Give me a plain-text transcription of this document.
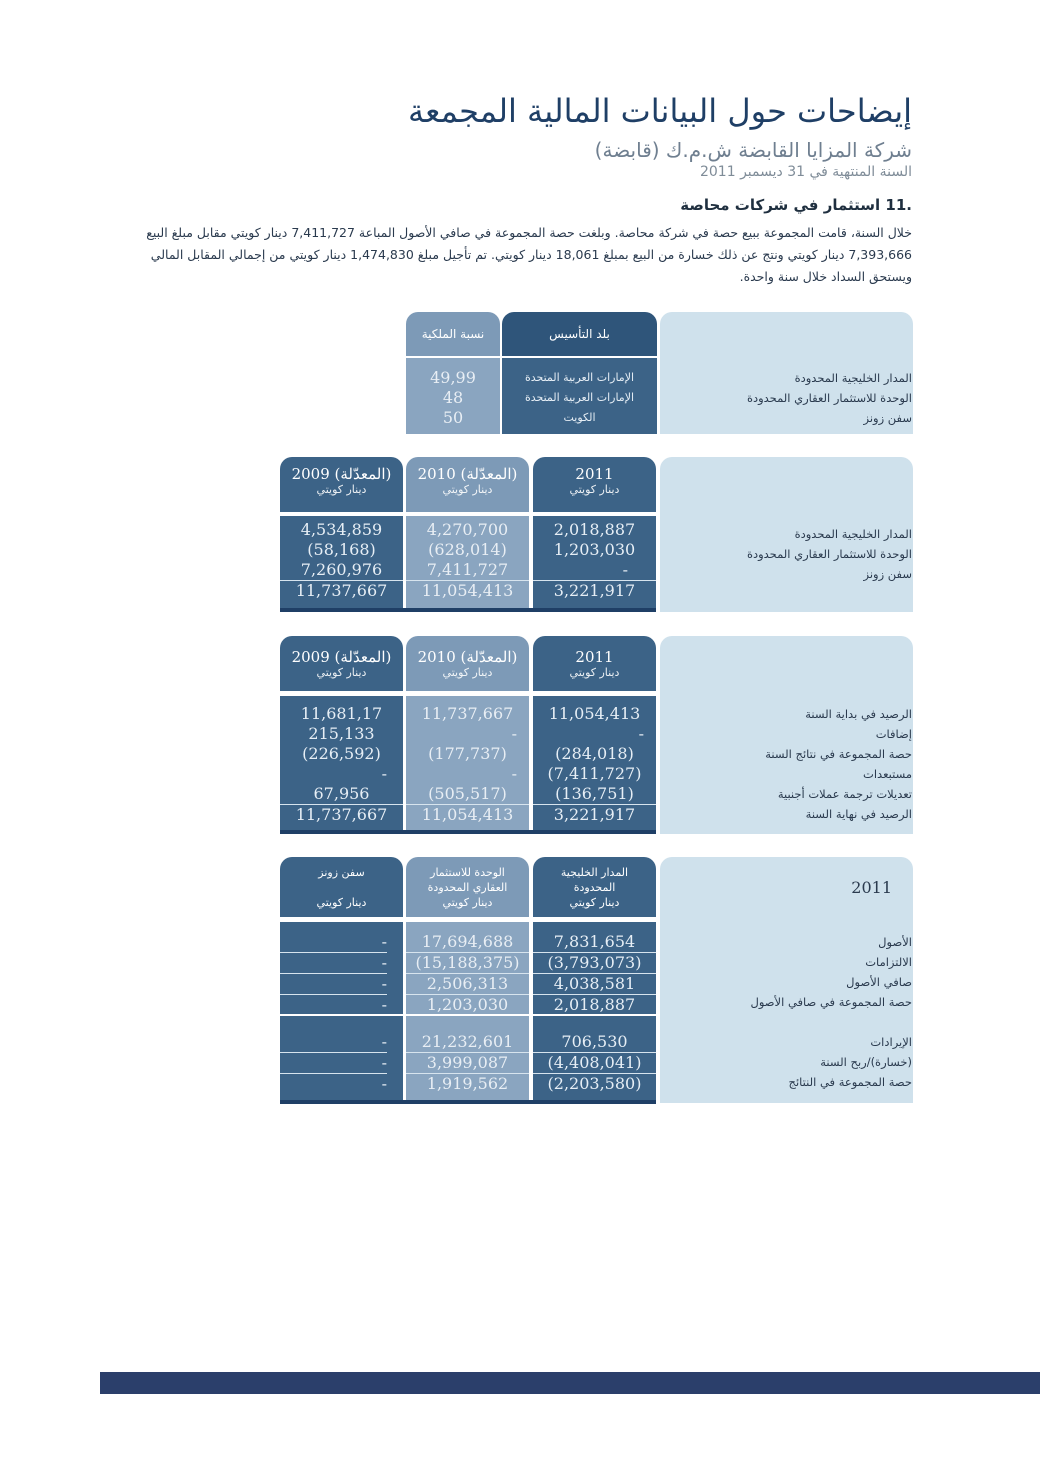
إيضاحات حول البيانات المالية المجمعة
شركة المزايا القابضة ش.م.ك (قابضة)
السنة المنتهية في 31 ديسمبر 2011
.11 استثمار في شركات محاصة
خلال السنة، قامت المجموعة ببيع حصة في شركة محاصة. وبلغت حصة المجموعة في صافي الأصول المباعة 7,411,727 دينار كويتي مقابل مبلغ البيع
7,393,666 دينار كويتي ونتج عن ذلك خسارة من البيع بمبلغ 18,061 دينار كويتي. تم تأجيل مبلغ 1,474,830 دينار كويتي من إجمالي المقابل المالي
ويستحق السداد خلال سنة واحدة.
المدار الخليجية المحدودة
الوحدة للاستثمار العقاري المحدودة
سفن زونز
بلد التأسيس
الإمارات العربية المتحدة
الإمارات العربية المتحدة
الكويت
نسبة الملكية
49,99
48
50
المدار الخليجية المحدودة
الوحدة للاستثمار العقاري المحدودة
سفن زونز
2011
دينار كويتي
2010 (المعدّلة)
دينار كويتي
2009 (المعدّلة)
دينار كويتي
2,018,887
1,203,030
-
3,221,917
4,270,700
(628,014)
7,411,727
11,054,413
4,534,859
(58,168)
7,260,976
11,737,667
الرصيد في بداية السنة
إضافات
حصة المجموعة في نتائج السنة
مستبعدات
تعديلات ترجمة عملات أجنبية
الرصيد في نهاية السنة
2011
دينار كويتي
2010 (المعدّلة)
دينار كويتي
2009 (المعدّلة)
دينار كويتي
11,054,413
-
(284,018)
(7,411,727)
(136,751)
3,221,917
11,737,667
-
(177,737)
-
(505,517)
11,054,413
11,681,17
215,133
(226,592)
-
67,956
11,737,667
2011
الأصول
الالتزامات
صافي الأصول
حصة المجموعة في صافي الأصول
الإيرادات
(خسارة)/ربح السنة
حصة المجموعة في النتائج
المدار الخليجية
المحدودة
دينار كويتي
الوحدة للاستثمار
العقاري المحدودة
دينار كويتي
سفن زونز
دينار كويتي
7,831,654
(3,793,073)
4,038,581
2,018,887
17,694,688
(15,188,375)
2,506,313
1,203,030
-
-
-
-
706,530
(4,408,041)
(2,203,580)
21,232,601
3,999,087
1,919,562
-
-
-
